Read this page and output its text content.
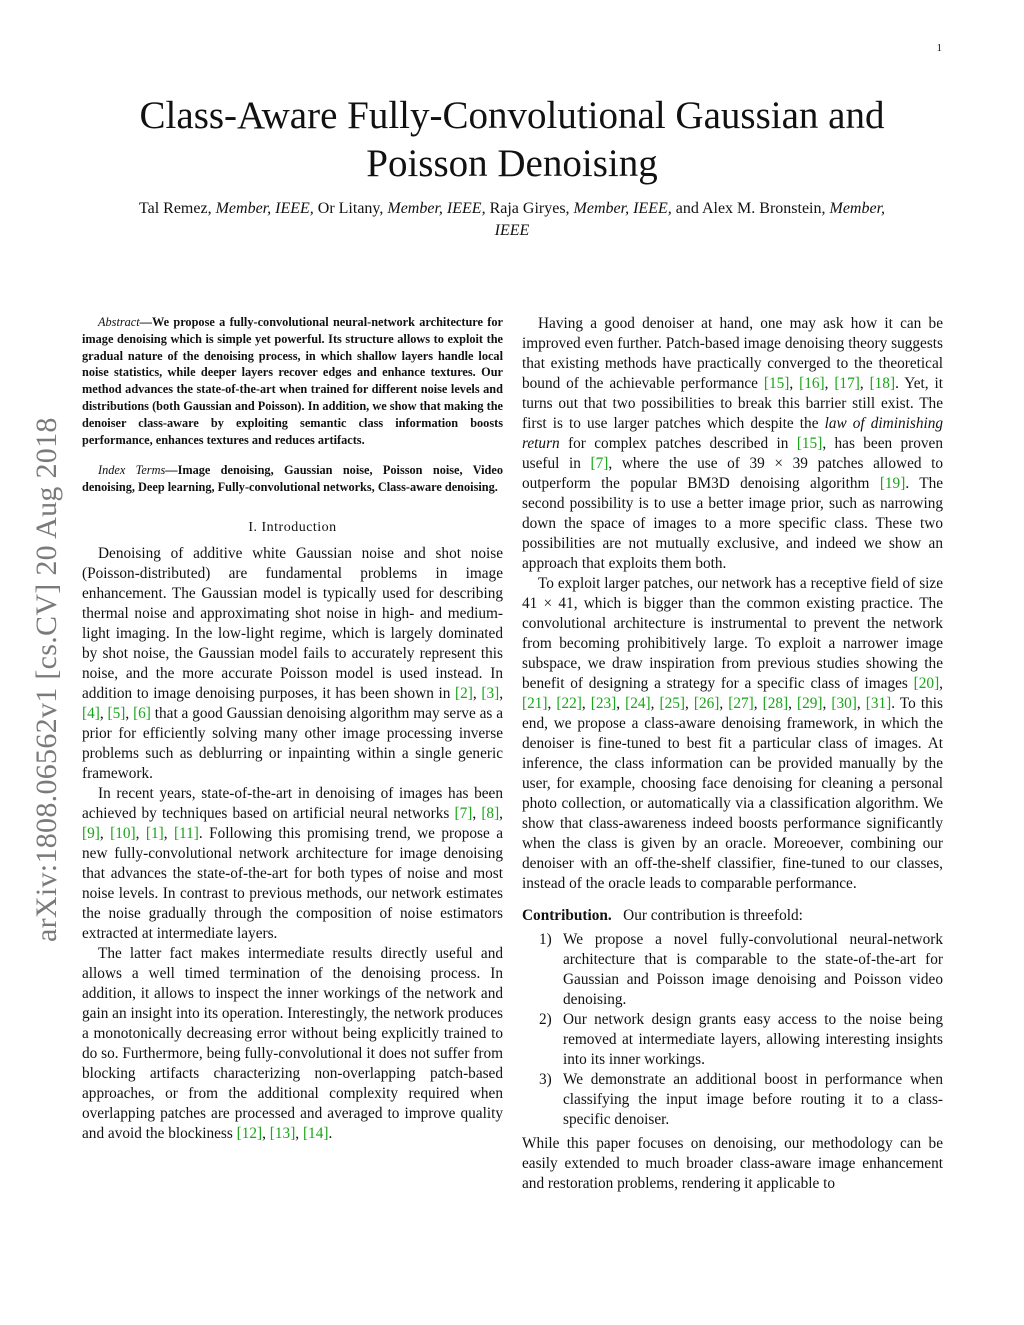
1
arXiv:1808.06562v1 [cs.CV] 20 Aug 2018
Class-Aware Fully-Convolutional Gaussian and
Poisson Denoising
Tal Remez, Member, IEEE, Or Litany, Member, IEEE, Raja Giryes, Member, IEEE, and Alex M. Bronstein, Member, IEEE

Abstract—We propose a fully-convolutional neural-network architecture for image denoising which is simple yet powerful. Its structure allows to exploit the gradual nature of the denoising process, in which shallow layers handle local noise statistics, while deeper layers recover edges and enhance textures. Our method advances the state-of-the-art when trained for different noise levels and distributions (both Gaussian and Poisson). In addition, we show that making the denoiser class-aware by exploiting semantic class information boosts performance, enhances textures and reduces artifacts.

Index Terms—Image denoising, Gaussian noise, Poisson noise, Video denoising, Deep learning, Fully-convolutional networks, Class-aware denoising.

I. Introduction

Denoising of additive white Gaussian noise and shot noise (Poisson-distributed) are fundamental problems in image enhancement. The Gaussian model is typically used for describing thermal noise and approximating shot noise in high- and medium-light imaging. In the low-light regime, which is largely dominated by shot noise, the Gaussian model fails to accurately represent this noise, and the more accurate Poisson model is used instead. In addition to image denoising purposes, it has been shown in [2], [3], [4], [5], [6] that a good Gaussian denoising algorithm may serve as a prior for efficiently solving many other image processing inverse problems such as deblurring or inpainting within a single generic framework.

In recent years, state-of-the-art in denoising of images has been achieved by techniques based on artificial neural networks [7], [8], [9], [10], [1], [11]. Following this promising trend, we propose a new fully-convolutional network architecture for image denoising that advances the state-of-the-art for both types of noise and most noise levels. In contrast to previous methods, our network estimates the noise gradually through the composition of noise estimators extracted at intermediate layers.

The latter fact makes intermediate results directly useful and allows a well timed termination of the denoising process. In addition, it allows to inspect the inner workings of the network and gain an insight into its operation. Interestingly, the network produces a monotonically decreasing error without being explicitly trained to do so. Furthermore, being fully-convolutional it does not suffer from blocking artifacts characterizing non-overlapping patch-based approaches, or from the additional complexity required when overlapping patches are processed and averaged to improve quality and avoid the blockiness [12], [13], [14].

Having a good denoiser at hand, one may ask how it can be improved even further. Patch-based image denoising theory suggests that existing methods have practically converged to the theoretical bound of the achievable performance [15], [16], [17], [18]. Yet, it turns out that two possibilities to break this barrier still exist. The first is to use larger patches which despite the law of diminishing return for complex patches described in [15], has been proven useful in [7], where the use of 39 × 39 patches allowed to outperform the popular BM3D denoising algorithm [19]. The second possibility is to use a better image prior, such as narrowing down the space of images to a more specific class. These two possibilities are not mutually exclusive, and indeed we show an approach that exploits them both.

To exploit larger patches, our network has a receptive field of size 41 × 41, which is bigger than the common existing practice. The convolutional architecture is instrumental to prevent the network from becoming prohibitively large. To exploit a narrower image subspace, we draw inspiration from previous studies showing the benefit of designing a strategy for a specific class of images [20], [21], [22], [23], [24], [25], [26], [27], [28], [29], [30], [31]. To this end, we propose a class-aware denoising framework, in which the denoiser is fine-tuned to best fit a particular class of images. At inference, the class information can be provided manually by the user, for example, choosing face denoising for cleaning a personal photo collection, or automatically via a classification algorithm. We show that class-awareness indeed boosts performance significantly when the class is given by an oracle. Moreoever, combining our denoiser with an off-the-shelf classifier, fine-tuned to our classes, instead of the oracle leads to comparable performance.

Contribution. Our contribution is threefold:

1) We propose a novel fully-convolutional neural-network architecture that is comparable to the state-of-the-art for Gaussian and Poisson image denoising and Poisson video denoising.
2) Our network design grants easy access to the noise being removed at intermediate layers, allowing interesting insights into its inner workings.
3) We demonstrate an additional boost in performance when classifying the input image before routing it to a class-specific denoiser.

While this paper focuses on denoising, our methodology can be easily extended to much broader class-aware image enhancement and restoration problems, rendering it applicable to
